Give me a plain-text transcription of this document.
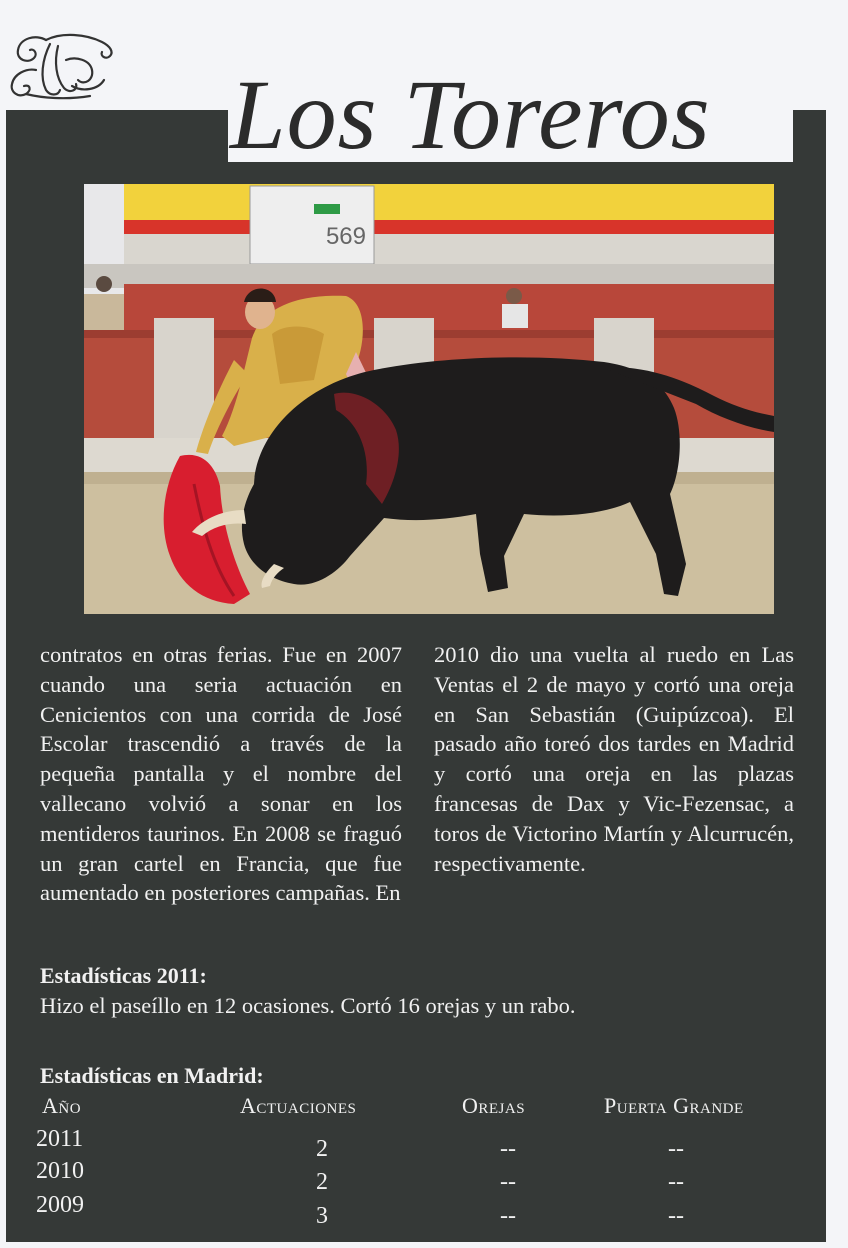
Los Toreros
569

contratos en otras ferias. Fue en 2007 cuando una seria actuación en Cenicientos con una corrida de José Escolar trascendió a través de la pequeña pantalla y el nombre del vallecano volvió a sonar en los mentideros taurinos. En 2008 se fraguó un gran cartel en Francia, que fue aumentado en posteriores campañas. En

2010 dio una vuelta al ruedo en Las Ventas el 2 de mayo y cortó una oreja en San Sebastián (Guipúzcoa). El pasado año toreó dos tardes en Madrid y cortó una oreja en las plazas francesas de Dax y Vic-Fezensac, a toros de Victorino Martín y Alcurrucén, respectivamente.

Estadísticas 2011:

Hizo el paseíllo en 12 ocasiones. Cortó 16 orejas y un rabo.

Estadísticas en Madrid:

Año	Actuaciones	Orejas	Puerta Grande

2011	2	--	--

2010	2	--	--

2009	3	--	--
